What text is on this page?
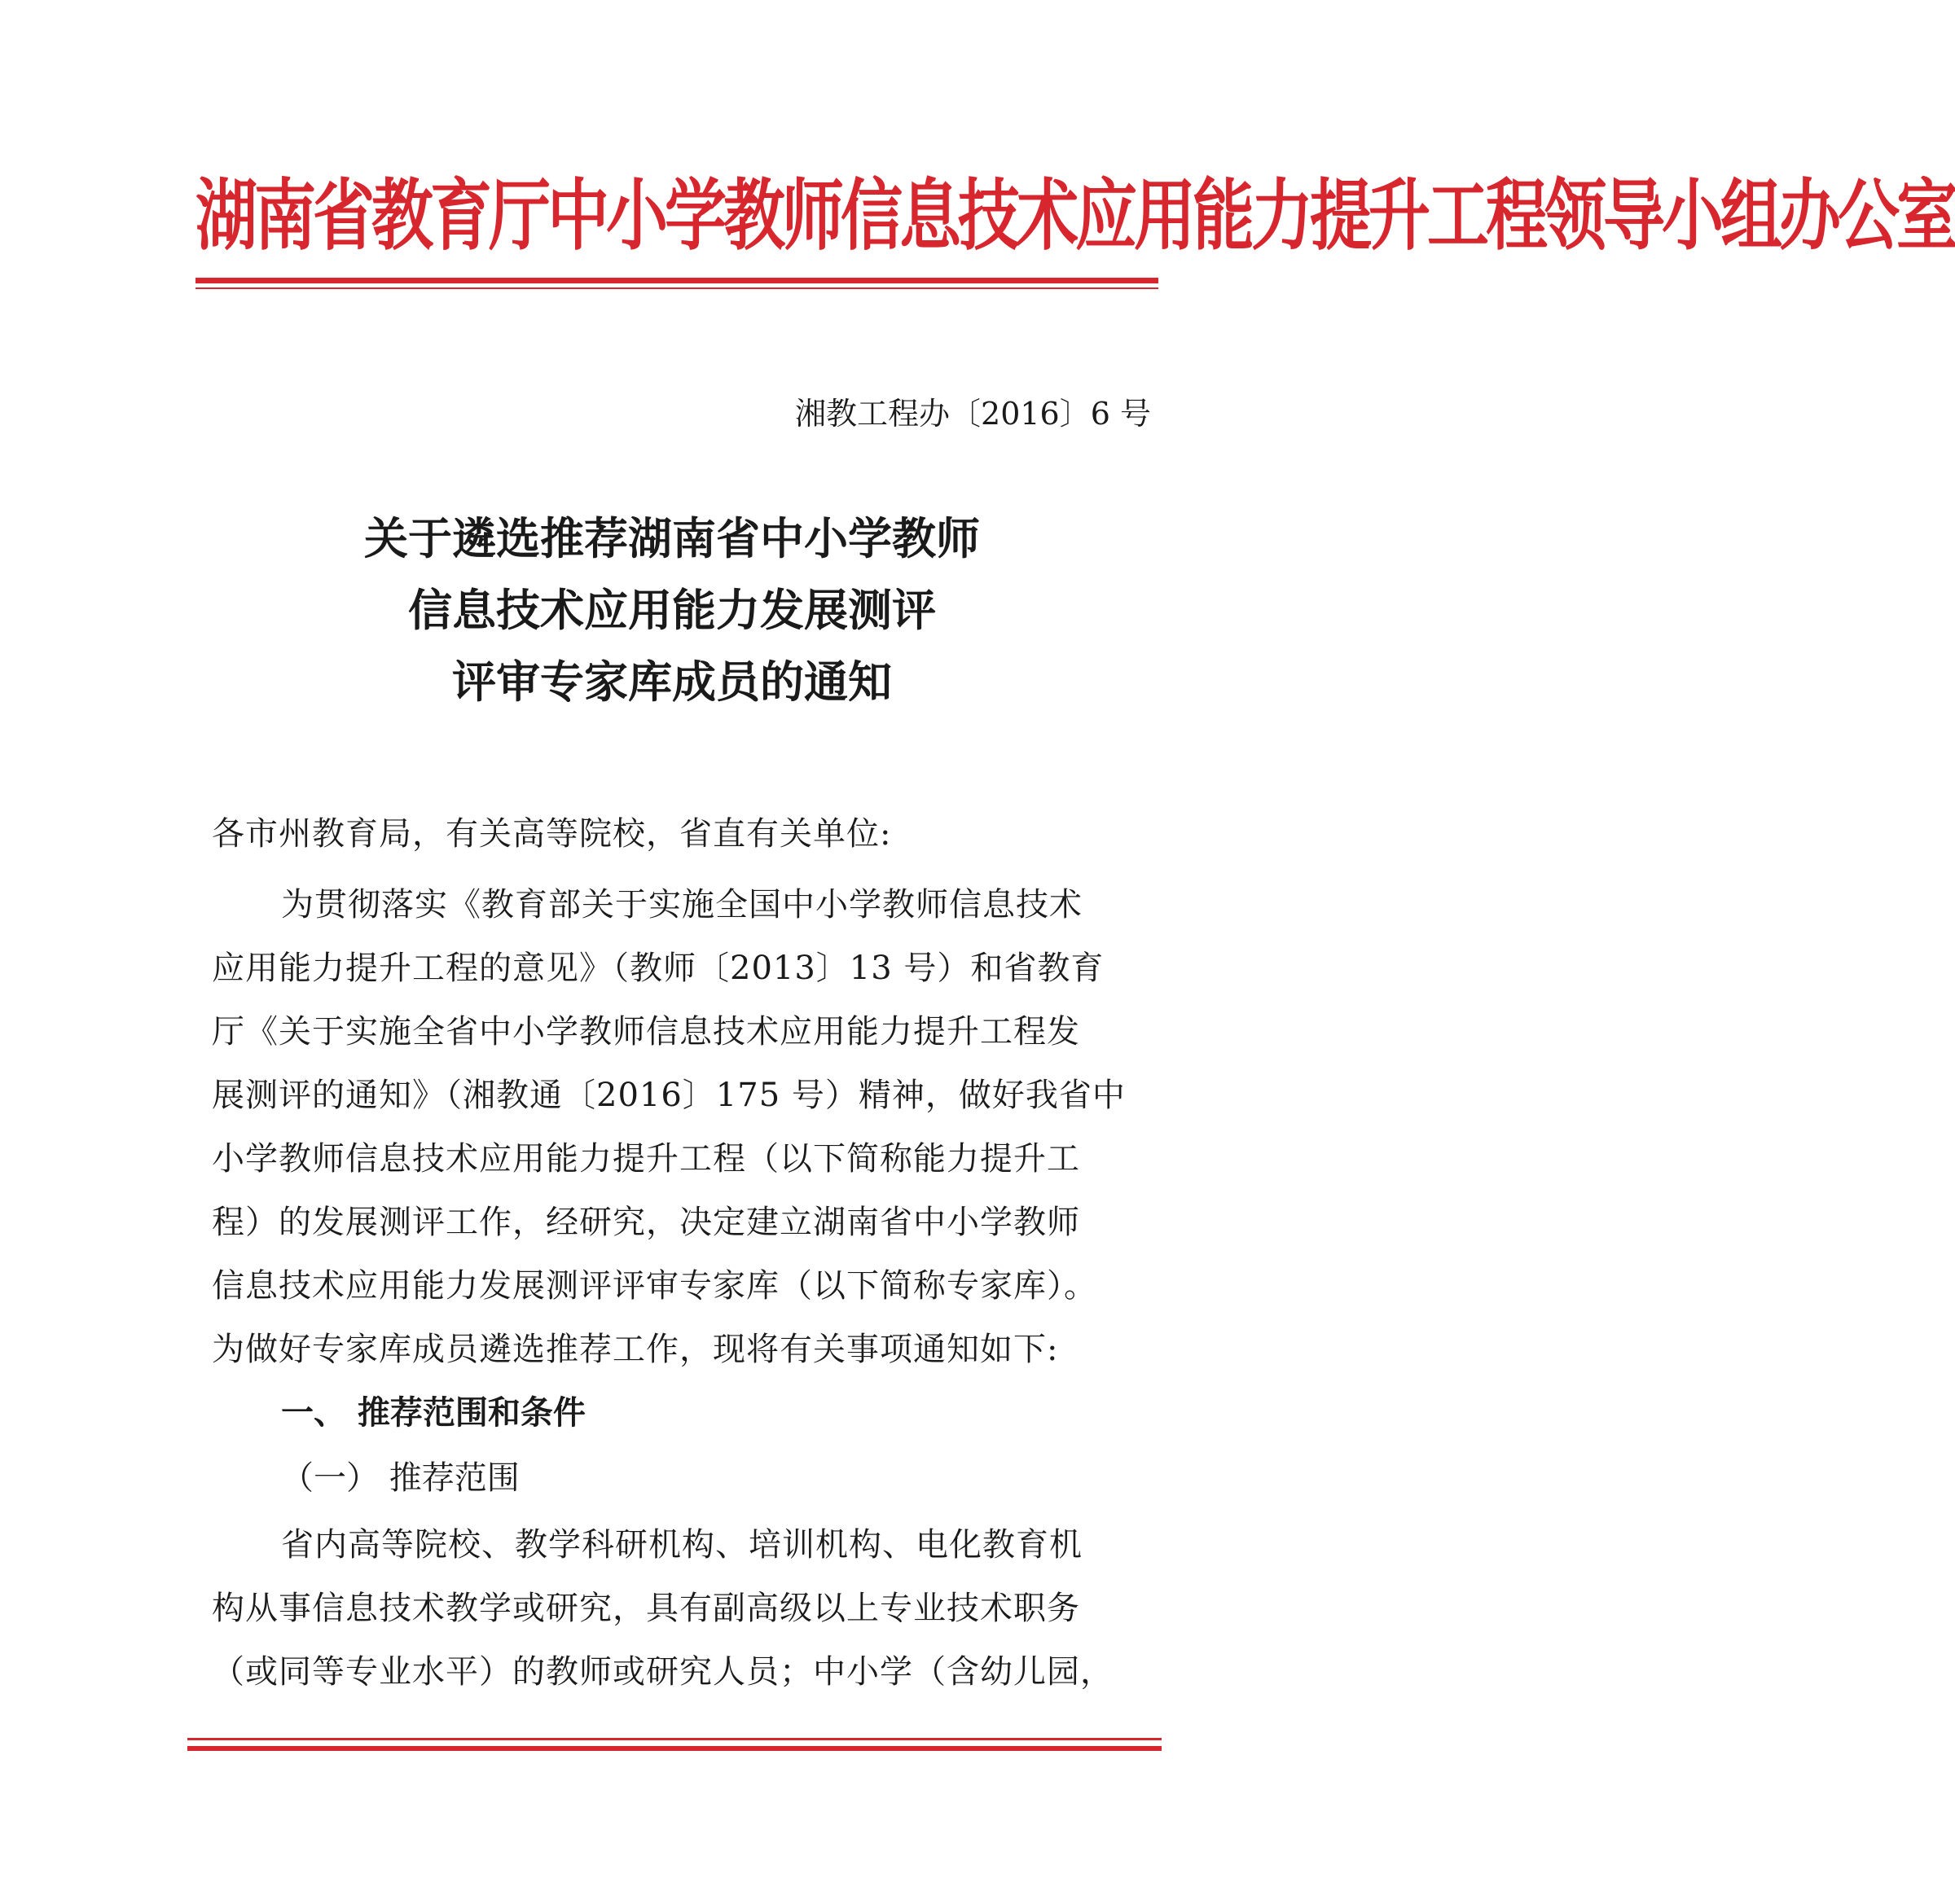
湖南省教育厅中小学教师信息技术应用能力提升工程领导小组办公室
湘教工程办〔2016〕6 号
关于遴选推荐湖南省中小学教师
信息技术应用能力发展测评
评审专家库成员的通知
各市州教育局，有关高等院校，省直有关单位:
为贯彻落实《教育部关于实施全国中小学教师信息技术
应用能力提升工程的意见》（教师〔2013〕13 号）和省教育
厅《关于实施全省中小学教师信息技术应用能力提升工程发
展测评的通知》（湘教通〔2016〕175 号）精神，做好我省中
小学教师信息技术应用能力提升工程（以下简称能力提升工
程）的发展测评工作，经研究，决定建立湖南省中小学教师
信息技术应用能力发展测评评审专家库（以下简称专家库）。
为做好专家库成员遴选推荐工作，现将有关事项通知如下:
一、 推荐范围和条件
（一） 推荐范围
省内高等院校、教学科研机构、培训机构、电化教育机
构从事信息技术教学或研究，具有副高级以上专业技术职务
（或同等专业水平）的教师或研究人员；中小学（含幼儿园，
